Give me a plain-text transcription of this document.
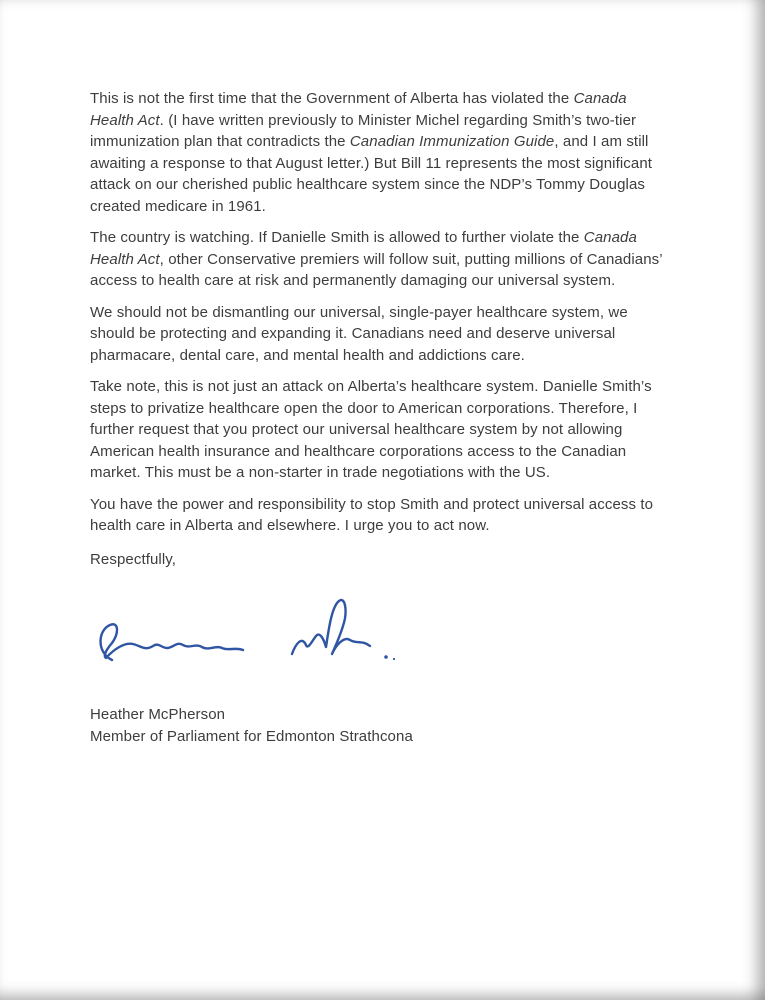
This is not the first time that the Government of Alberta has violated the Canada Health Act. (I have written previously to Minister Michel regarding Smith’s two-tier immunization plan that contradicts the Canadian Immunization Guide, and I am still awaiting a response to that August letter.) But Bill 11 represents the most significant attack on our cherished public healthcare system since the NDP’s Tommy Douglas created medicare in 1961.

The country is watching. If Danielle Smith is allowed to further violate the Canada Health Act, other Conservative premiers will follow suit, putting millions of Canadians’ access to health care at risk and permanently damaging our universal system.

We should not be dismantling our universal, single-payer healthcare system, we should be protecting and expanding it. Canadians need and deserve universal pharmacare, dental care, and mental health and addictions care.

Take note, this is not just an attack on Alberta’s healthcare system. Danielle Smith’s steps to privatize healthcare open the door to American corporations. Therefore, I further request that you protect our universal healthcare system by not allowing American health insurance and healthcare corporations access to the Canadian market. This must be a non-starter in trade negotiations with the US.

You have the power and responsibility to stop Smith and protect universal access to health care in Alberta and elsewhere. I urge you to act now.

Respectfully,

Heather McPherson

Member of Parliament for Edmonton Strathcona
